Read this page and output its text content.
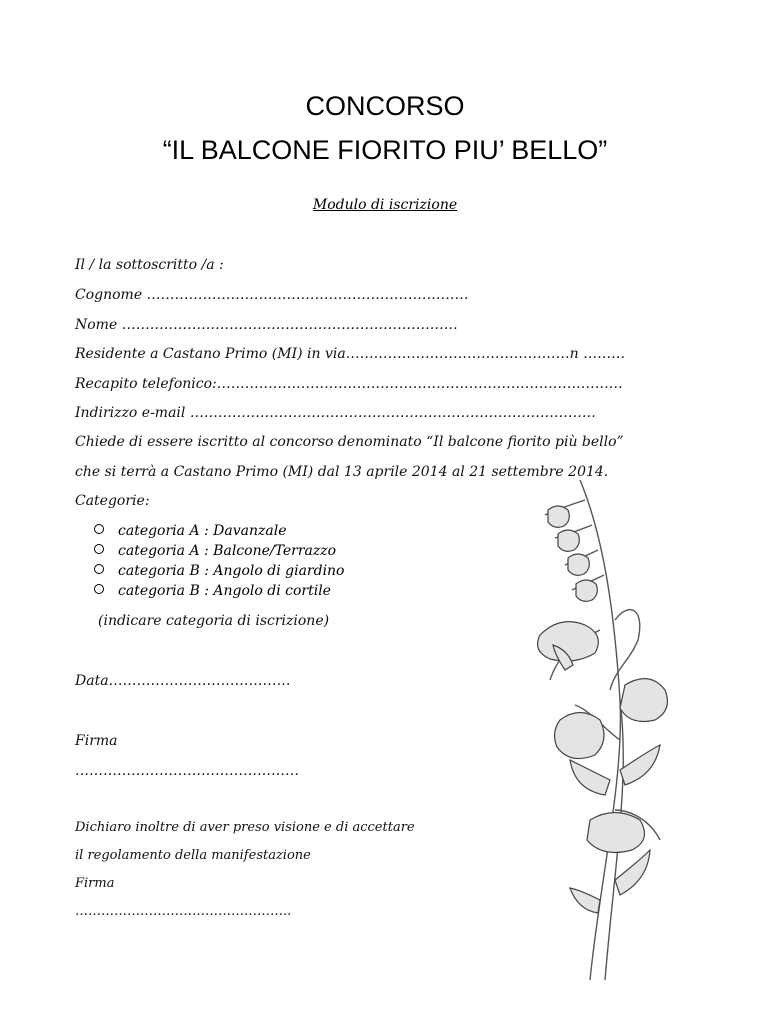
CONCORSO
“IL BALCONE FIORITO PIU’ BELLO”
Modulo di iscrizione
Il / la sottoscritto /a :
Cognome ……………………………………………………………
Nome ………………………………………………………………
Residente a Castano Primo (MI) in via…………………………………………n ………
Recapito telefonico:……………………………………………………………………………
Indirizzo e-mail ……………………………………………………………………………
Chiede di essere iscritto al concorso denominato “Il balcone fiorito più bello”
che si terrà a Castano Primo (MI) dal 13 aprile 2014 al 21 settembre 2014.
Categorie:
categoria A : Davanzale
categoria A : Balcone/Terrazzo
categoria B : Angolo di giardino
categoria B : Angolo di cortile
(indicare categoria di iscrizione)
Data…………………………………
Firma
…………………………………………
Dichiaro inoltre di aver preso visione e di accettare
il regolamento della manifestazione
Firma
…………………………………………..
